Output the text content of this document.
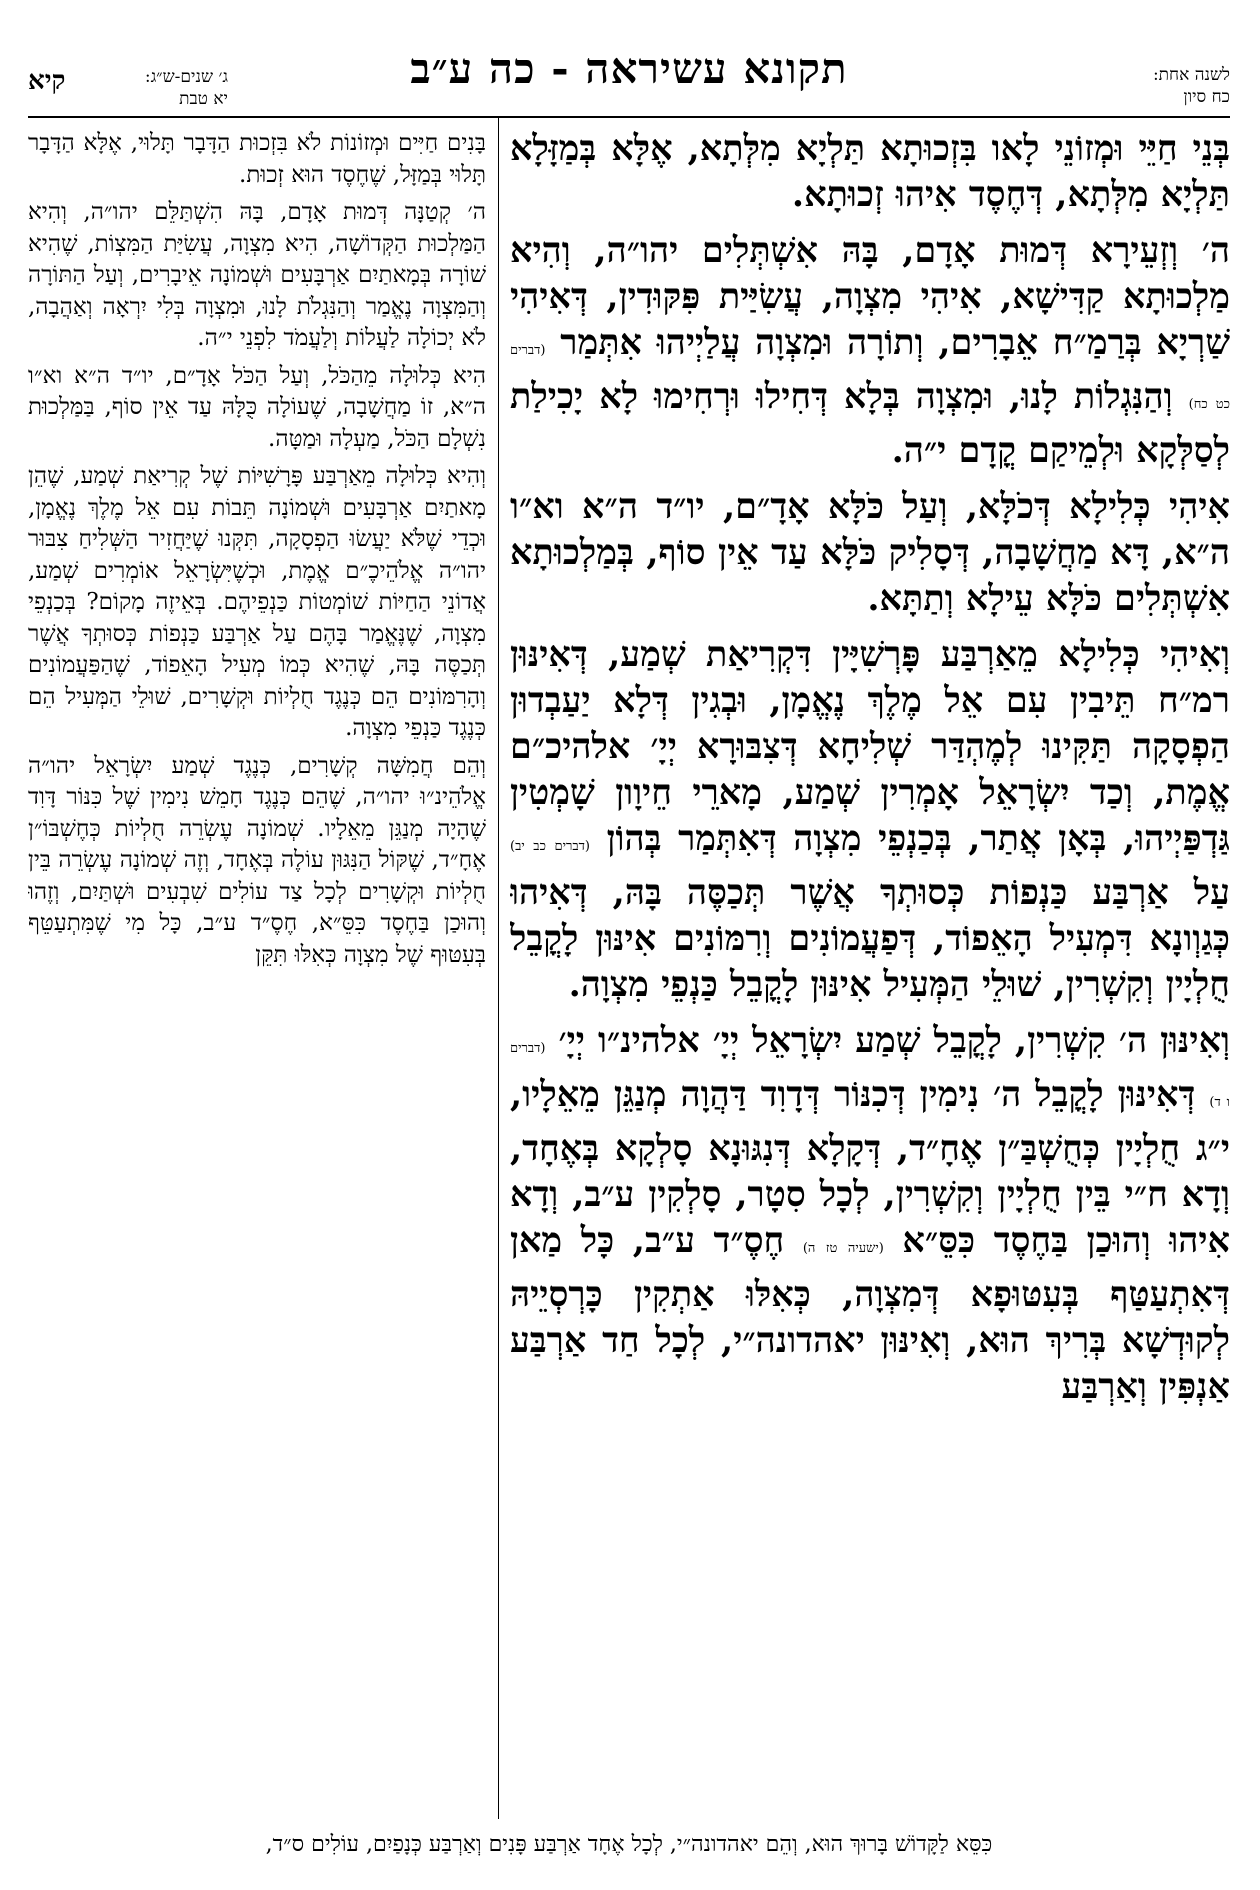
לשנה אחת:
כח סיון
תקונא עשיראה - כה ע״ב
ג׳ שנים-ש״ג:
יא טבת
קיא

בְּנֵי חַיֵּי וּמְזוֹנֵי לָאו בִּזְכוּתָא תַּלְיָא מִלְּתָא, אֶלָּא בְּמַזָּלָא תַּלְיָא מִלְּתָא, דְּחֶסֶד אִיהוּ זְכוּתָא.

ה׳ וְזְעֵירָא דְּמוּת אָדָם, בָּהּ אִשְׁתְּלִים יהו״ה, וְהִיא מַלְכוּתָא קַדִּישָׁא, אִיהִי מִצְוָה, עֲשִׂיַּית פִּקּוּדִין, דְּאִיהִי שַׁרְיָא בְּרַמַ״ח אֵבָרִים, וְתוֹרָה וּמִצְוָה עֲלַיְיהוּ אִתְּמַר (דברים כט כח) וְהַנִּגְלוֹת לָנוּ, וּמִצְוָה בְּלָא דְּחִילוּ וּרְחִימוּ לָא יָכִילַת לְסַלְּקָא וּלְמֵיקַם קֳדָם י״ה.

אִיהִי כְּלִילָא דְּכֹלָּא, וְעַל כֹּלָּא אָדָ״ם, יו״ד ה״א וא״ו ה״א, דָּא מַחֲשָׁבָה, דְּסָלִיק כֹּלָּא עַד אֵין סוֹף, בְּמַלְכוּתָא אִשְׁתְּלִים כֹּלָּא עֵילָא וְתַתָּא.

וְאִיהִי כְּלִילָא מֵאַרְבַּע פָּרְשִׁיָּין דִּקְרִיאַת שְׁמַע, דְּאִינּוּן רמ״ח תֵּיבִין עִם אֵל מֶלֶךְ נֶאֱמָן, וּבְגִין דְּלָא יַעַבְדוּן הַפְסָקָה תַּקִּינוּ לְמֶהְדַּר שְׁלִיחָא דְּצִבּוּרָא יְיָ׳ אלהיכ״ם אֱמֶת, וְכַד יִשְׂרָאֵל אָמְרִין שְׁמַע, מָארֵי חֵיוָון שָׁמְטִין גַּדְפַּיְיהוּ, בְּאָן אֲתַר, בְּכַנְפֵי מִצְוָה דְּאִתְּמַר בְּהוֹן (דברים כב יב) עַל אַרְבַּע כַּנְפוֹת כְּסוּתְךָ אֲשֶׁר תְּכַסֶּה בָּהּ, דְּאִיהוּ כְּגַוְונָא דִּמְעִיל הָאֵפוֹד, דְּפַעֲמוֹנִים וְרִמּוֹנִים אִינּוּן לָקֳבֵל חֻלְיָין וְקִשְׁרִין, שׁוּלֵי הַמְּעִיל אִינּוּן לָקֳבֵל כַּנְפֵי מִצְוָה.

וְאִינּוּן ה׳ קִשְׁרִין, לָקֳבֵל שְׁמַע יִשְׂרָאֵל יְיָ׳ אלהינ״ו יְיָ׳ (דברים ו ד) דְּאִינּוּן לָקֳבֵל ה׳ נִימִין דְּכִנּוֹר דְּדָוִד דַּהֲוָה מְנַגֵּן מֵאֵלָיו, י״ג חֻלְיָין כְּחֻשְׁבַּ״ן אֶחָ״ד, דְּקָלָא דְּנִגּוּנָא סָלְקָא בְּאֶחָד, וְדָא ח״י בֵּין חֻלְיָין וְקִשְׁרִין, לְכָל סִטָר, סָלְקִין ע״ב, וְדָא אִיהוּ וְהוּכַן בַּחֶסֶד כִּסֵּ״א (ישעיה טז ה) חֶסֶ״ד ע״ב, כָּל מַאן דְּאִתְעַטַּף בְּעִטּוּפָא דְּמִצְוָה, כְּאִלּוּ אַתְקִין כָּרְסְיֵיהּ לְקוּדְשָׁא בְּרִיךְ הוּא, וְאִינּוּן יאהדונה״י, לְכָל חַד אַרְבַּע אַנְפִּין וְאַרְבַּע

בָּנִים חַיִּים וּמְזוֹנוֹת לֹא בִּזְכוּת הַדָּבָר תָּלוּי, אֶלָּא הַדָּבָר תָּלוּי בְּמַזָּל, שֶׁחֶסֶד הוּא זְכוּת.

ה׳ קְטַנָּה דְּמוּת אָדָם, בָּהּ הִשְׁתַּלֵּם יהו״ה, וְהִיא הַמַּלְכוּת הַקְּדוֹשָׁה, הִיא מִצְוָה, עֲשִׂיַּת הַמִּצְוֹת, שֶׁהִיא שׁוֹרָה בְּמָאתַיִם אַרְבָּעִים וּשְׁמוֹנָה אֵיבָרִים, וְעַל הַתּוֹרָה וְהַמִּצְוָה נֶאֱמַר וְהַנִּגְלֹת לָנוּ, וּמִצְוָה בְּלִי יִרְאָה וְאַהֲבָה, לֹא יְכוֹלָה לַעֲלוֹת וְלַעֲמֹד לִפְנֵי י״ה.

הִיא כְּלוּלָה מֵהַכֹּל, וְעַל הַכֹּל אָדָ״ם, יו״ד ה״א וא״ו ה״א, זוֹ מַחֲשָׁבָה, שֶׁעוֹלָה כֻּלָּהּ עַד אֵין סוֹף, בַּמַּלְכוּת נִשְׁלָם הַכֹּל, מַעְלָה וּמַטָּה.

וְהִיא כְּלוּלָה מֵאַרְבַּע פָּרָשִׁיּוֹת שֶׁל קְרִיאַת שְׁמַע, שֶׁהֵן מָאתַיִם אַרְבָּעִים וּשְׁמוֹנָה תֵּבוֹת עִם אֵל מֶלֶךְ נֶאֱמָן, וּכְדֵי שֶׁלֹּא יַעֲשׂוּ הַפְסָקָה, תִּקְּנוּ שֶׁיַּחֲזִיר הַשְּׁלִיחַ צִבּוּר יהו״ה אֱלֹהֵיכֶ״ם אֱמֶת, וּכְשֶׁיִּשְׂרָאֵל אוֹמְרִים שְׁמַע, אֲדוֹנֵי הַחַיּוֹת שׁוֹמְטוֹת כַּנְפֵיהֶם. בְּאֵיזֶה מָקוֹם? בְּכַנְפֵי מִצְוָה, שֶׁנֶּאֱמַר בָּהֶם עַל אַרְבַּע כַּנְפוֹת כְּסוּתְךָ אֲשֶׁר תְּכַסֶּה בָּהּ, שֶׁהִיא כְּמוֹ מְעִיל הָאֵפוֹד, שֶׁהַפַּעֲמוֹנִים וְהָרִמּוֹנִים הֵם כְּנֶגֶד חֻלְיוֹת וּקְשָׁרִים, שׁוּלֵי הַמְּעִיל הֵם כְּנֶגֶד כַּנְפֵי מִצְוָה.

וְהֵם חֲמִשָּׁה קְשָׁרִים, כְּנֶגֶד שְׁמַע יִשְׂרָאֵל יהו״ה אֱלֹהֵינ״וּ יהו״ה, שֶׁהֵם כְּנֶגֶד חָמֵשׁ נִימִין שֶׁל כִּנּוֹר דָּוִד שֶׁהָיָה מְנַגֵּן מֵאֵלָיו. שְׁמוֹנָה עֶשְׂרֵה חֻלְיוֹת כְּחֶשְׁבּוֹ״ן אֶחָ״ד, שֶׁקּוֹל הַנִּגּוּן עוֹלֶה בְּאֶחָד, וְזֶה שְׁמוֹנָה עֶשְׂרֵה בֵּין חֻלְיוֹת וּקְשָׁרִים לְכָל צַד עוֹלִים שִׁבְעִים וּשְׁתַּיִם, וְזֶהוּ וְהוּכַן בַּחֶסֶד כִּסֵּ״א, חֶסֶ״ד ע״ב, כָּל מִי שֶׁמִּתְעַטֵּף בְּעִטּוּף שֶׁל מִצְוָה כְּאִלּוּ תִּקֵּן

כִּסֵּא לַקָּדוֹשׁ בָּרוּךְ הוּא, וְהֵם יאהדונה״י, לְכָל אֶחָד אַרְבַּע פָּנִים וְאַרְבַּע כְּנָפַיִם, עוֹלִים ס״ד,
